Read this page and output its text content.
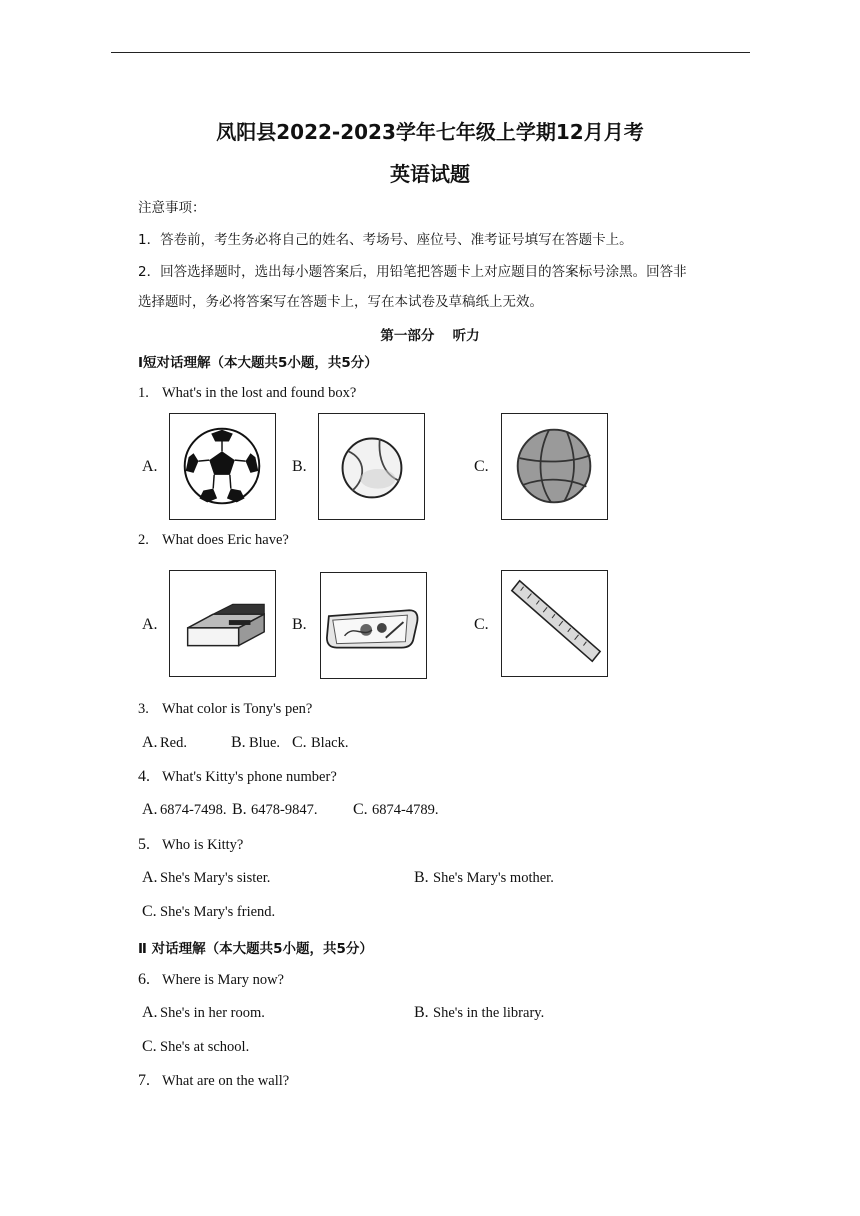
凤阳县2022-2023学年七年级上学期12月月考
英语试题
注意事项：
1．答卷前，考生务必将自己的姓名、考场号、座位号、准考证号填写在答题卡上。
2．回答选择题时，选出每小题答案后，用铅笔把答题卡上对应题目的答案标号涂黑。回答非
选择题时，务必将答案写在答题卡上，写在本试卷及草稿纸上无效。
第一部分　 听力
Ⅰ短对话理解（本大题共5小题，共5分）
1. What's in the lost and found box?
A.	B.	C.
2. What does Eric have?
A.	B.	C.
3. What color is Tony's pen?
A. Red.	B. Blue. C. Black.
4. What's Kitty's phone number?
A. 6874-7498. B. 6478-9847. C. 6874-4789.
5. Who is Kitty?
A. She's Mary's sister.	B. She's Mary's mother.
C. She's Mary's friend.
Ⅱ 对话理解（本大题共5小题，共5分）
6. Where is Mary now?
A. She's in her room.	B. She's in the library.
C. She's at school.
7. What are on the wall?
